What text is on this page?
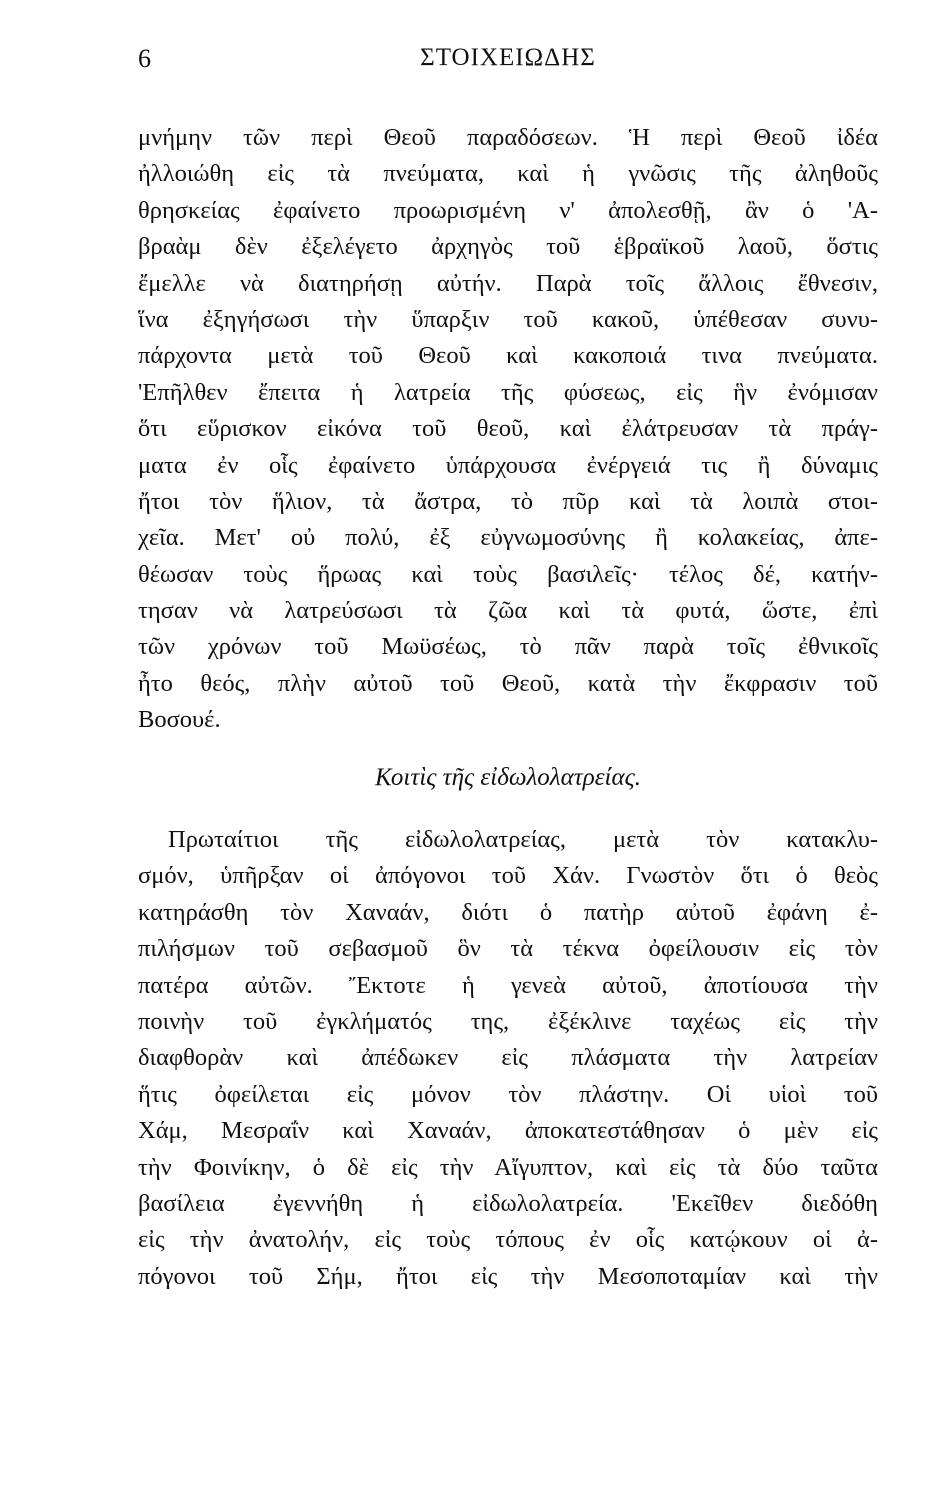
6	ΣΤΟΙΧΕΙΩΔΗΣ
μνήμην τῶν περὶ Θεοῦ παραδόσεων. Ἡ περὶ Θεοῦ ἰδέα
ἠλλοιώθη εἰς τὰ πνεύματα, καὶ ἡ γνῶσις τῆς ἀληθοῦς
θρησκείας ἐφαίνετο προωρισμένη ν' ἀπολεσθῇ, ἂν ὁ 'Α-
βραὰμ δὲν ἐξελέγετο ἀρχηγὸς τοῦ ἑβραϊκοῦ λαοῦ, ὅστις
ἔμελλε νὰ διατηρήσῃ αὐτήν. Παρὰ τοῖς ἄλλοις ἔθνεσιν,
ἵνα ἐξηγήσωσι τὴν ὕπαρξιν τοῦ κακοῦ, ὑπέθεσαν συνυ-
πάρχοντα μετὰ τοῦ Θεοῦ καὶ κακοποιά τινα πνεύματα.
'Επῆλθεν ἔπειτα ἡ λατρεία τῆς φύσεως, εἰς ἣν ἐνόμισαν
ὅτι εὕρισκον εἰκόνα τοῦ θεοῦ, καὶ ἐλάτρευσαν τὰ πράγ-
ματα ἐν οἷς ἐφαίνετο ὑπάρχουσα ἐνέργειά τις ἢ δύναμις
ἤτοι τὸν ἥλιον, τὰ ἄστρα, τὸ πῦρ καὶ τὰ λοιπὰ στοι-
χεῖα. Μετ' οὐ πολύ, ἐξ εὐγνωμοσύνης ἢ κολακείας, ἀπε-
θέωσαν τοὺς ἥρωας καὶ τοὺς βασιλεῖς· τέλος δέ, κατήν-
τησαν νὰ λατρεύσωσι τὰ ζῶα καὶ τὰ φυτά, ὥστε, ἐπὶ
τῶν χρόνων τοῦ Μωϋσέως, τὸ πᾶν παρὰ τοῖς ἐθνικοῖς
ἦτο θεός, πλὴν αὐτοῦ τοῦ Θεοῦ, κατὰ τὴν ἔκφρασιν τοῦ
Βοσουέ.
Κοιτὶς τῆς εἰδωλολατρείας.
Πρωταίτιοι τῆς εἰδωλολατρείας, μετὰ τὸν κατακλυ-
σμόν, ὑπῆρξαν οἱ ἀπόγονοι τοῦ Χάν. Γνωστὸν ὅτι ὁ θεὸς
κατηράσθη τὸν Χαναάν, διότι ὁ πατὴρ αὐτοῦ ἐφάνη ἐ-
πιλήσμων τοῦ σεβασμοῦ ὃν τὰ τέκνα ὀφείλουσιν εἰς τὸν
πατέρα αὐτῶν. Ἔκτοτε ἡ γενεὰ αὐτοῦ, ἀποτίουσα τὴν
ποινὴν τοῦ ἐγκλήματός της, ἐξέκλινε ταχέως εἰς τὴν
διαφθορὰν καὶ ἀπέδωκεν εἰς πλάσματα τὴν λατρείαν
ἥτις ὀφείλεται εἰς μόνον τὸν πλάστην. Οἱ υἱοὶ τοῦ
Χάμ, Μεσραΐν καὶ Χαναάν, ἀποκατεστάθησαν ὁ μὲν εἰς
τὴν Φοινίκην, ὁ δὲ εἰς τὴν Αἴγυπτον, καὶ εἰς τὰ δύο ταῦτα
βασίλεια ἐγεννήθη ἡ εἰδωλολατρεία. 'Εκεῖθεν διεδόθη
εἰς τὴν ἀνατολήν, εἰς τοὺς τόπους ἐν οἷς κατῴκουν οἱ ἀ-
πόγονοι τοῦ Σήμ, ἤτοι εἰς τὴν Μεσοποταμίαν καὶ τὴν
